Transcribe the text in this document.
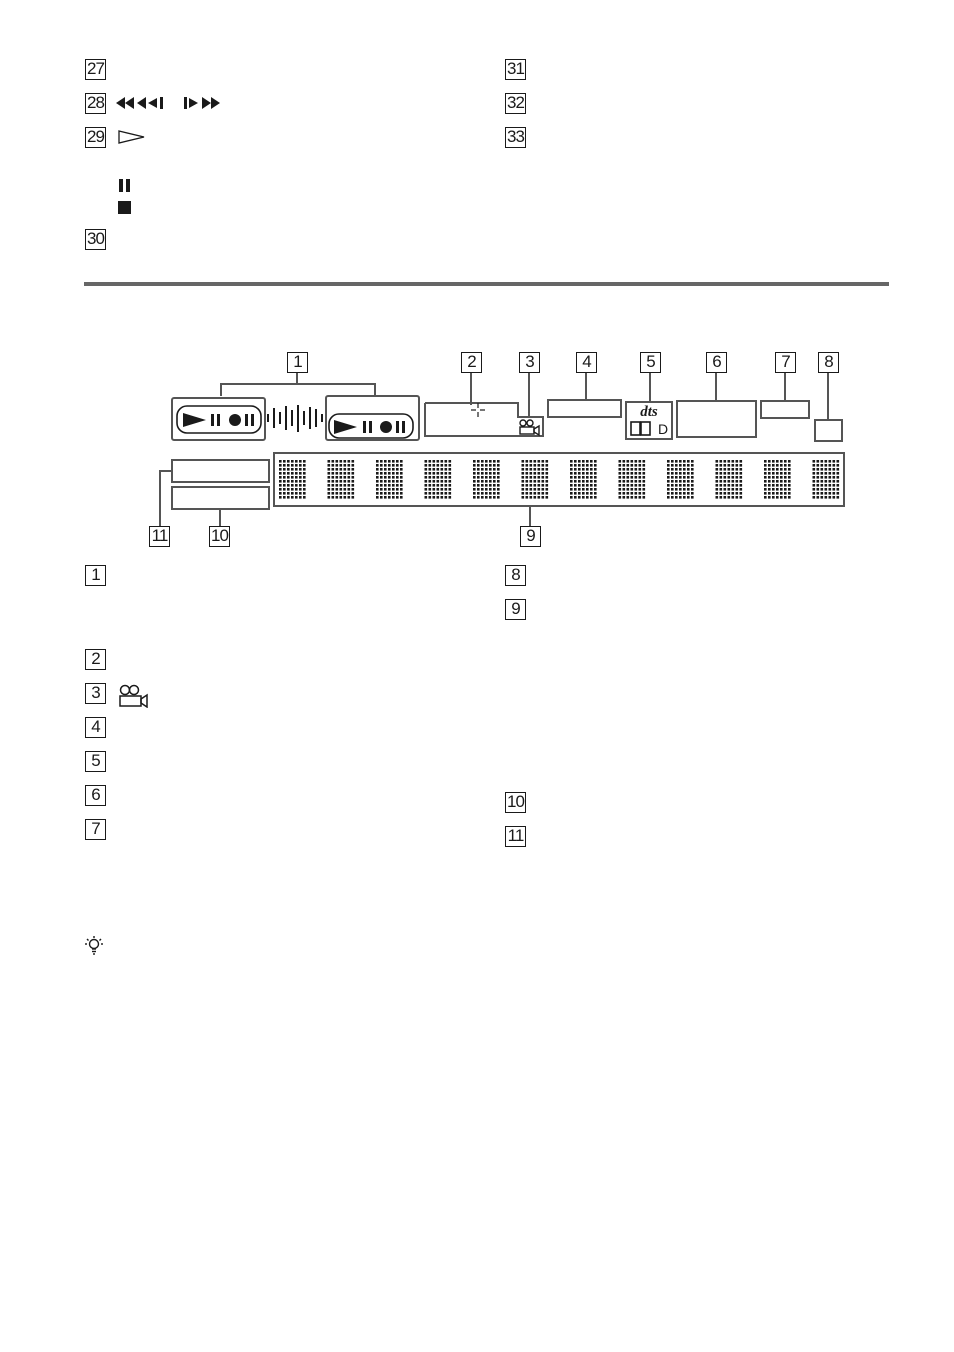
27
28
29
30
31
32
33
dts
D
1	2	3	4	5	6	7	8
9
10
11
1
2
3
4
5
6
7
8
9
10
11
